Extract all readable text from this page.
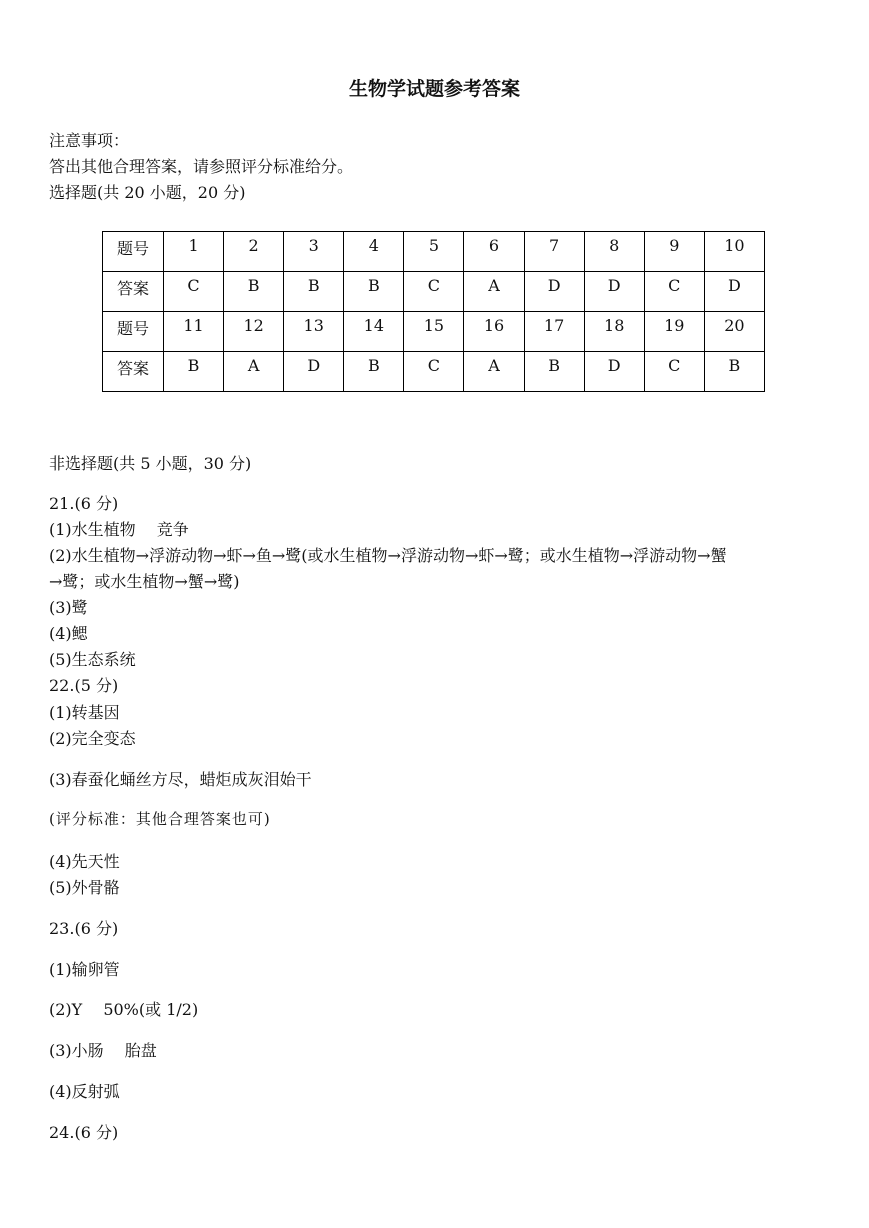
生物学试题参考答案
注意事项：
答出其他合理答案，请参照评分标准给分。
选择题(共 20 小题，20 分)
题号	1	2	3	4	5	6	7	8	9	10
答案	C	B	B	B	C	A	D	D	C	D
题号	11	12	13	14	15	16	17	18	19	20
答案	B	A	D	B	C	A	B	D	C	B
非选择题(共 5 小题，30 分)
21.(6 分)
(1)水生植物　 竞争
(2)水生植物→浮游动物→虾→鱼→鹭(或水生植物→浮游动物→虾→鹭；或水生植物→浮游动物→蟹
→鹭；或水生植物→蟹→鹭)
(3)鹭
(4)鳃
(5)生态系统
22.(5 分)
(1)转基因
(2)完全变态
(3)春蚕化蛹丝方尽，蜡炬成灰泪始干
(评分标准：其他合理答案也可)
(4)先天性
(5)外骨骼
23.(6 分)
(1)输卵管
(2)Y　 50%(或 1/2)
(3)小肠　 胎盘
(4)反射弧
24.(6 分)
